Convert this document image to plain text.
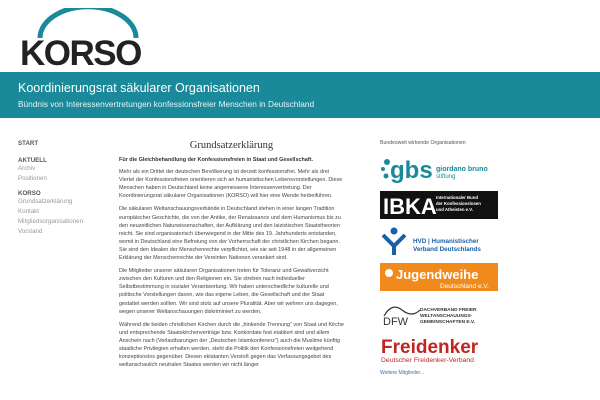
KORSO
Koordinierungsrat säkularer Organisationen
Bündnis von Interessenvertretungen konfessionsfreier Menschen in Deutschland
START
AKTUELL
Archiv
Positionen
KORSO
Grundsatzerklärung
Kontakt
Mitgliedsorganisationen
Vorstand
Grundsatzerklärung

Für die Gleichbehandlung der Konfessionsfreien in Staat und Gesellschaft.

Mehr als ein Drittel der deutschen Bevölkerung ist derzeit konfessionsfrei. Mehr als drei Viertel der Konfessionsfreien orientieren sich an humanistischen Lebensvorstellungen. Diese Menschen haben in Deutschland keine angemessene Interessenvertretung. Der Koordinierungsrat säkularer Organisationen (KORSO) will hier eine Wende herbeiführen.

Die säkularen Weltanschauungsverbände in Deutschland stehen in einer langen Tradition europäischer Geschichte, die von der Antike, der Renaissance und dem Humanismus bis zu den neuzeitlichen Naturwissenschaften, der Aufklärung und den laizistischen Staatstheorien reicht. Sie sind organisatorisch überwiegend in der Mitte des 19. Jahrhunderts entstanden, womit in Deutschland eine Befreiung von der Vorherrschaft der christlichen Kirchen begann. Sie sind den Idealen der Menschenrechte verpflichtet, wie sie seit 1948 in der allgemeinen Erklärung der Menschenrechte der Vereinten Nationen verankert sind.

Die Mitglieder unserer säkularen Organisationen treten für Toleranz und Gewaltverzicht zwischen den Kulturen und den Religionen ein. Sie streben nach individueller Selbstbestimmung in sozialer Verantwortung. Wir haben unterschiedliche kulturelle und politische Vorstellungen davon, wie das eigene Leben, die Gesellschaft und der Staat gestaltet werden sollten. Wir sind stolz auf unsere Pluralität. Aber wir wehren uns dagegen, wegen unserer Weltanschauungen diskriminiert zu werden.

Während die beiden christlichen Kirchen durch die „hinkende Trennung“ von Staat und Kirche und entsprechende Staatskirchenverträge bzw. Konkordate fest etabliert sind und allem Anschein nach (Verlautbarungen der „Deutschen Islamkonferenz“) auch die Muslime künftig staatliche Privilegien erhalten werden, steht die Politik den Konfessionsfreien weitgehend konzeptionslos gegenüber. Diesen eklatanten Verstoß gegen das Verfassungsgebot des weltanschaulich neutralen Staates werden wir nicht länger

Bundesweit wirkende Organisationen
gbs giordano bruno
stiftung
IBKA Internationaler Bund
der Konfessionslosen
und Atheisten e.V.
HVD | Humanistischer
Verband Deutschlands
Jugendweihe
Deutschland e.V.
DFW
DACHVERBAND FREIER
WELTANSCHAUUNGS-
GEMEINSCHAFTEN E.V.
Freidenker
Deutscher Freidenker-Verband
Weitere Mitglieder...
